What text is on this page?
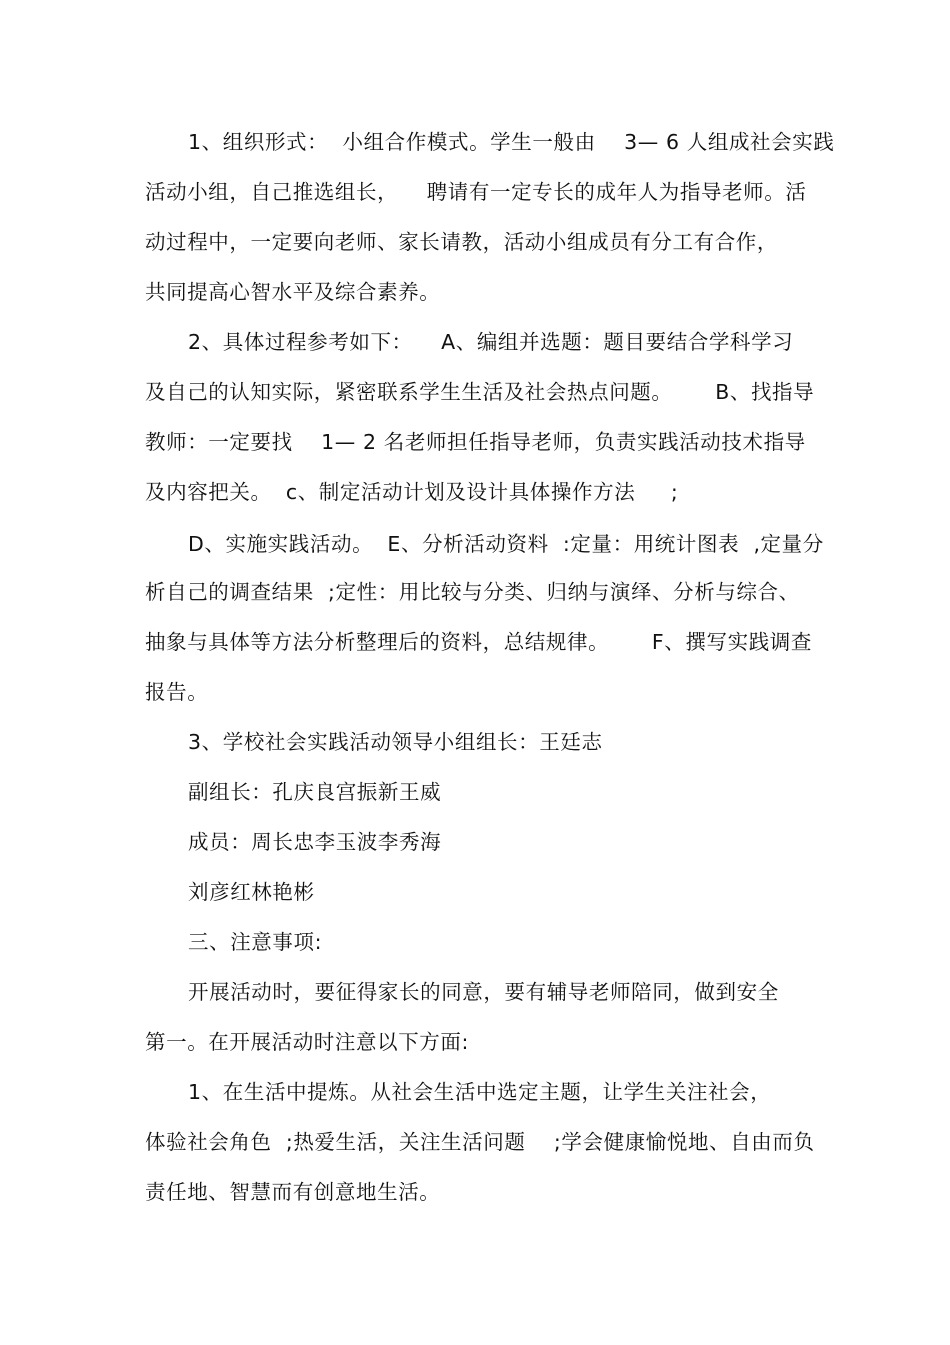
1、组织形式：  小组合作模式。学生一般由    3— 6 人组成社会实践
活动小组，自己推选组长，    聘请有一定专长的成年人为指导老师。活
动过程中，一定要向老师、家长请教，活动小组成员有分工有合作，
共同提高心智水平及综合素养。
2、具体过程参考如下：    A、编组并选题：题目要结合学科学习
及自己的认知实际，紧密联系学生生活及社会热点问题。      B、找指导
教师：一定要找    1— 2 名老师担任指导老师，负责实践活动技术指导
及内容把关。  c、制定活动计划及设计具体操作方法     ;
D、实施实践活动。  E、分析活动资料  :定量：用统计图表  ,定量分
析自己的调查结果  ;定性：用比较与分类、归纳与演绎、分析与综合、
抽象与具体等方法分析整理后的资料，总结规律。      F、撰写实践调查
报告。
3、学校社会实践活动领导小组组长：王廷志
副组长：孔庆良宫振新王威
成员：周长忠李玉波李秀海
刘彦红林艳彬
三、注意事项:
开展活动时，要征得家长的同意，要有辅导老师陪同，做到安全
第一。在开展活动时注意以下方面:
1、在生活中提炼。从社会生活中选定主题，让学生关注社会，
体验社会角色  ;热爱生活，关注生活问题    ;学会健康愉悦地、自由而负
责任地、智慧而有创意地生活。
